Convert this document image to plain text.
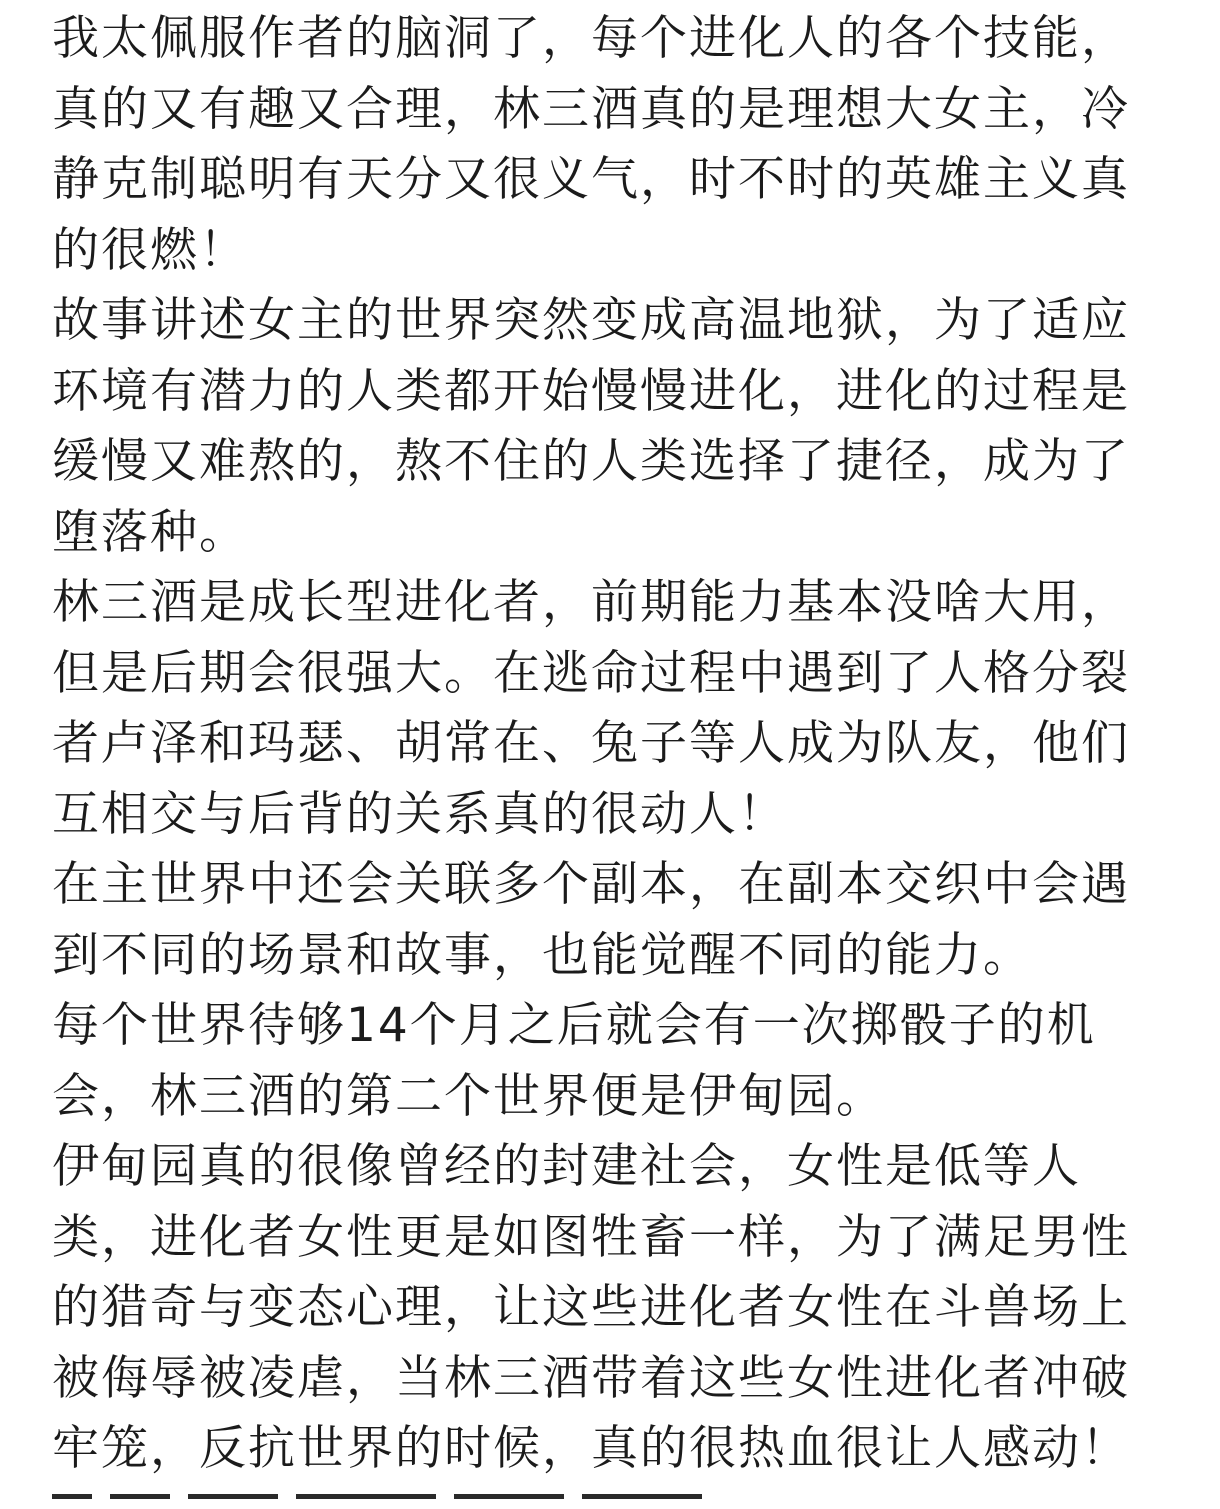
我太佩服作者的脑洞了，每个进化人的各个技能，真的又有趣又合理，林三酒真的是理想大女主，冷静克制聪明有天分又很义气，时不时的英雄主义真的很燃！

故事讲述女主的世界突然变成高温地狱，为了适应环境有潜力的人类都开始慢慢进化，进化的过程是缓慢又难熬的，熬不住的人类选择了捷径，成为了堕落种。

林三酒是成长型进化者，前期能力基本没啥大用，但是后期会很强大。在逃命过程中遇到了人格分裂者卢泽和玛瑟、胡常在、兔子等人成为队友，他们互相交与后背的关系真的很动人！

在主世界中还会关联多个副本，在副本交织中会遇到不同的场景和故事，也能觉醒不同的能力。

每个世界待够14个月之后就会有一次掷骰子的机会，林三酒的第二个世界便是伊甸园。

伊甸园真的很像曾经的封建社会，女性是低等人类，进化者女性更是如图牲畜一样，为了满足男性的猎奇与变态心理，让这些进化者女性在斗兽场上被侮辱被凌虐，当林三酒带着这些女性进化者冲破牢笼，反抗世界的时候，真的很热血很让人感动！
